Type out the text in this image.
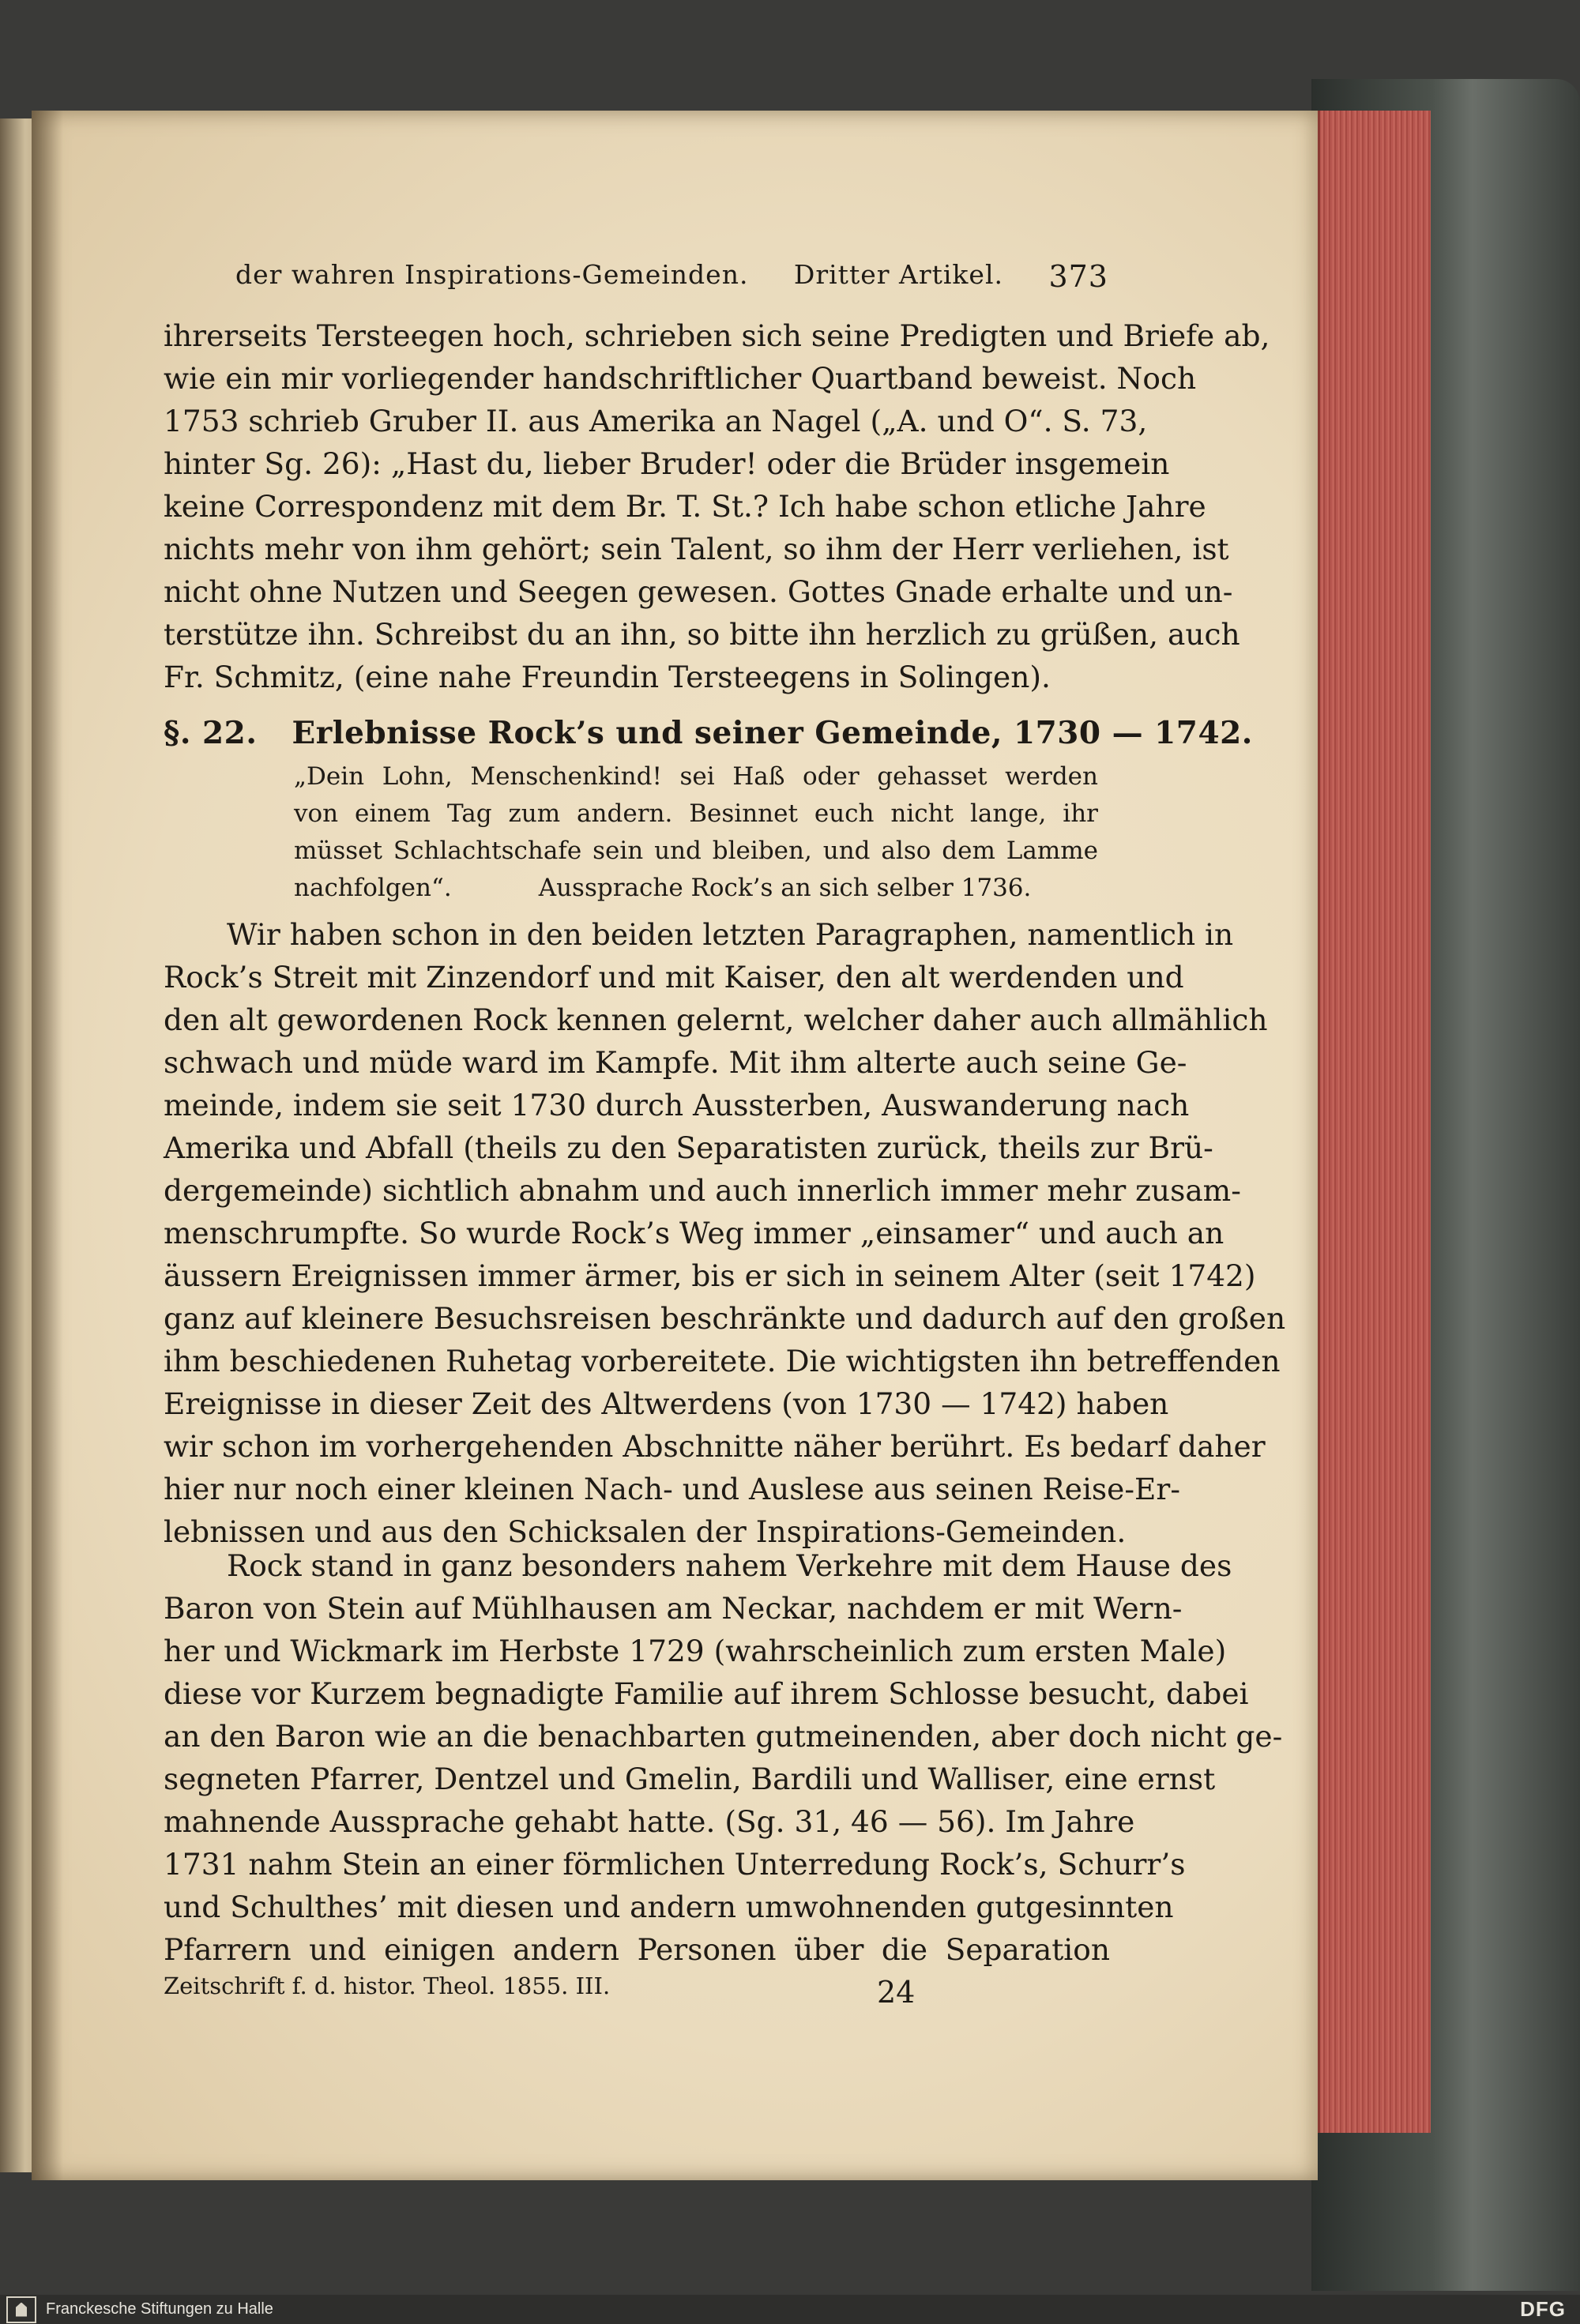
der wahren Inspirations-Gemeinden. Dritter Artikel. 373
ihrerseits Tersteegen hoch, schrieben sich seine Predigten und Briefe ab,
wie ein mir vorliegender handschriftlicher Quartband beweist. Noch
1753 schrieb Gruber II. aus Amerika an Nagel („A. und O“. S. 73,
hinter Sg. 26): „Hast du, lieber Bruder! oder die Brüder insgemein
keine Correspondenz mit dem Br. T. St.? Ich habe schon etliche Jahre
nichts mehr von ihm gehört; sein Talent, so ihm der Herr verliehen, ist
nicht ohne Nutzen und Seegen gewesen. Gottes Gnade erhalte und un-
terstütze ihn. Schreibst du an ihn, so bitte ihn herzlich zu grüßen, auch
Fr. Schmitz, (eine nahe Freundin Tersteegens in Solingen).
§. 22. Erlebnisse Rock’s und seiner Gemeinde, 1730 — 1742.
„Dein Lohn, Menschenkind! sei Haß oder gehasset werden
von einem Tag zum andern. Besinnet euch nicht lange, ihr
müsset Schlachtschafe sein und bleiben, und also dem Lamme
nachfolgen“.	Aussprache Rock’s an sich selber 1736.
Wir haben schon in den beiden letzten Paragraphen, namentlich in
Rock’s Streit mit Zinzendorf und mit Kaiser, den alt werdenden und
den alt gewordenen Rock kennen gelernt, welcher daher auch allmählich
schwach und müde ward im Kampfe. Mit ihm alterte auch seine Ge-
meinde, indem sie seit 1730 durch Aussterben, Auswanderung nach
Amerika und Abfall (theils zu den Separatisten zurück, theils zur Brü-
dergemeinde) sichtlich abnahm und auch innerlich immer mehr zusam-
menschrumpfte. So wurde Rock’s Weg immer „einsamer“ und auch an
äussern Ereignissen immer ärmer, bis er sich in seinem Alter (seit 1742)
ganz auf kleinere Besuchsreisen beschränkte und dadurch auf den großen
ihm beschiedenen Ruhetag vorbereitete. Die wichtigsten ihn betreffenden
Ereignisse in dieser Zeit des Altwerdens (von 1730 — 1742) haben
wir schon im vorhergehenden Abschnitte näher berührt. Es bedarf daher
hier nur noch einer kleinen Nach- und Auslese aus seinen Reise-Er-
lebnissen und aus den Schicksalen der Inspirations-Gemeinden.
Rock stand in ganz besonders nahem Verkehre mit dem Hause des
Baron von Stein auf Mühlhausen am Neckar, nachdem er mit Wern-
her und Wickmark im Herbste 1729 (wahrscheinlich zum ersten Male)
diese vor Kurzem begnadigte Familie auf ihrem Schlosse besucht, dabei
an den Baron wie an die benachbarten gutmeinenden, aber doch nicht ge-
segneten Pfarrer, Dentzel und Gmelin, Bardili und Walliser, eine ernst
mahnende Aussprache gehabt hatte. (Sg. 31, 46 — 56). Im Jahre
1731 nahm Stein an einer förmlichen Unterredung Rock’s, Schurr’s
und Schulthes’ mit diesen und andern umwohnenden gutgesinnten
Pfarrern und einigen andern Personen über die Separation
Zeitschrift f. d. histor. Theol. 1855. III.	24
Franckesche Stiftungen zu Halle	DFG
